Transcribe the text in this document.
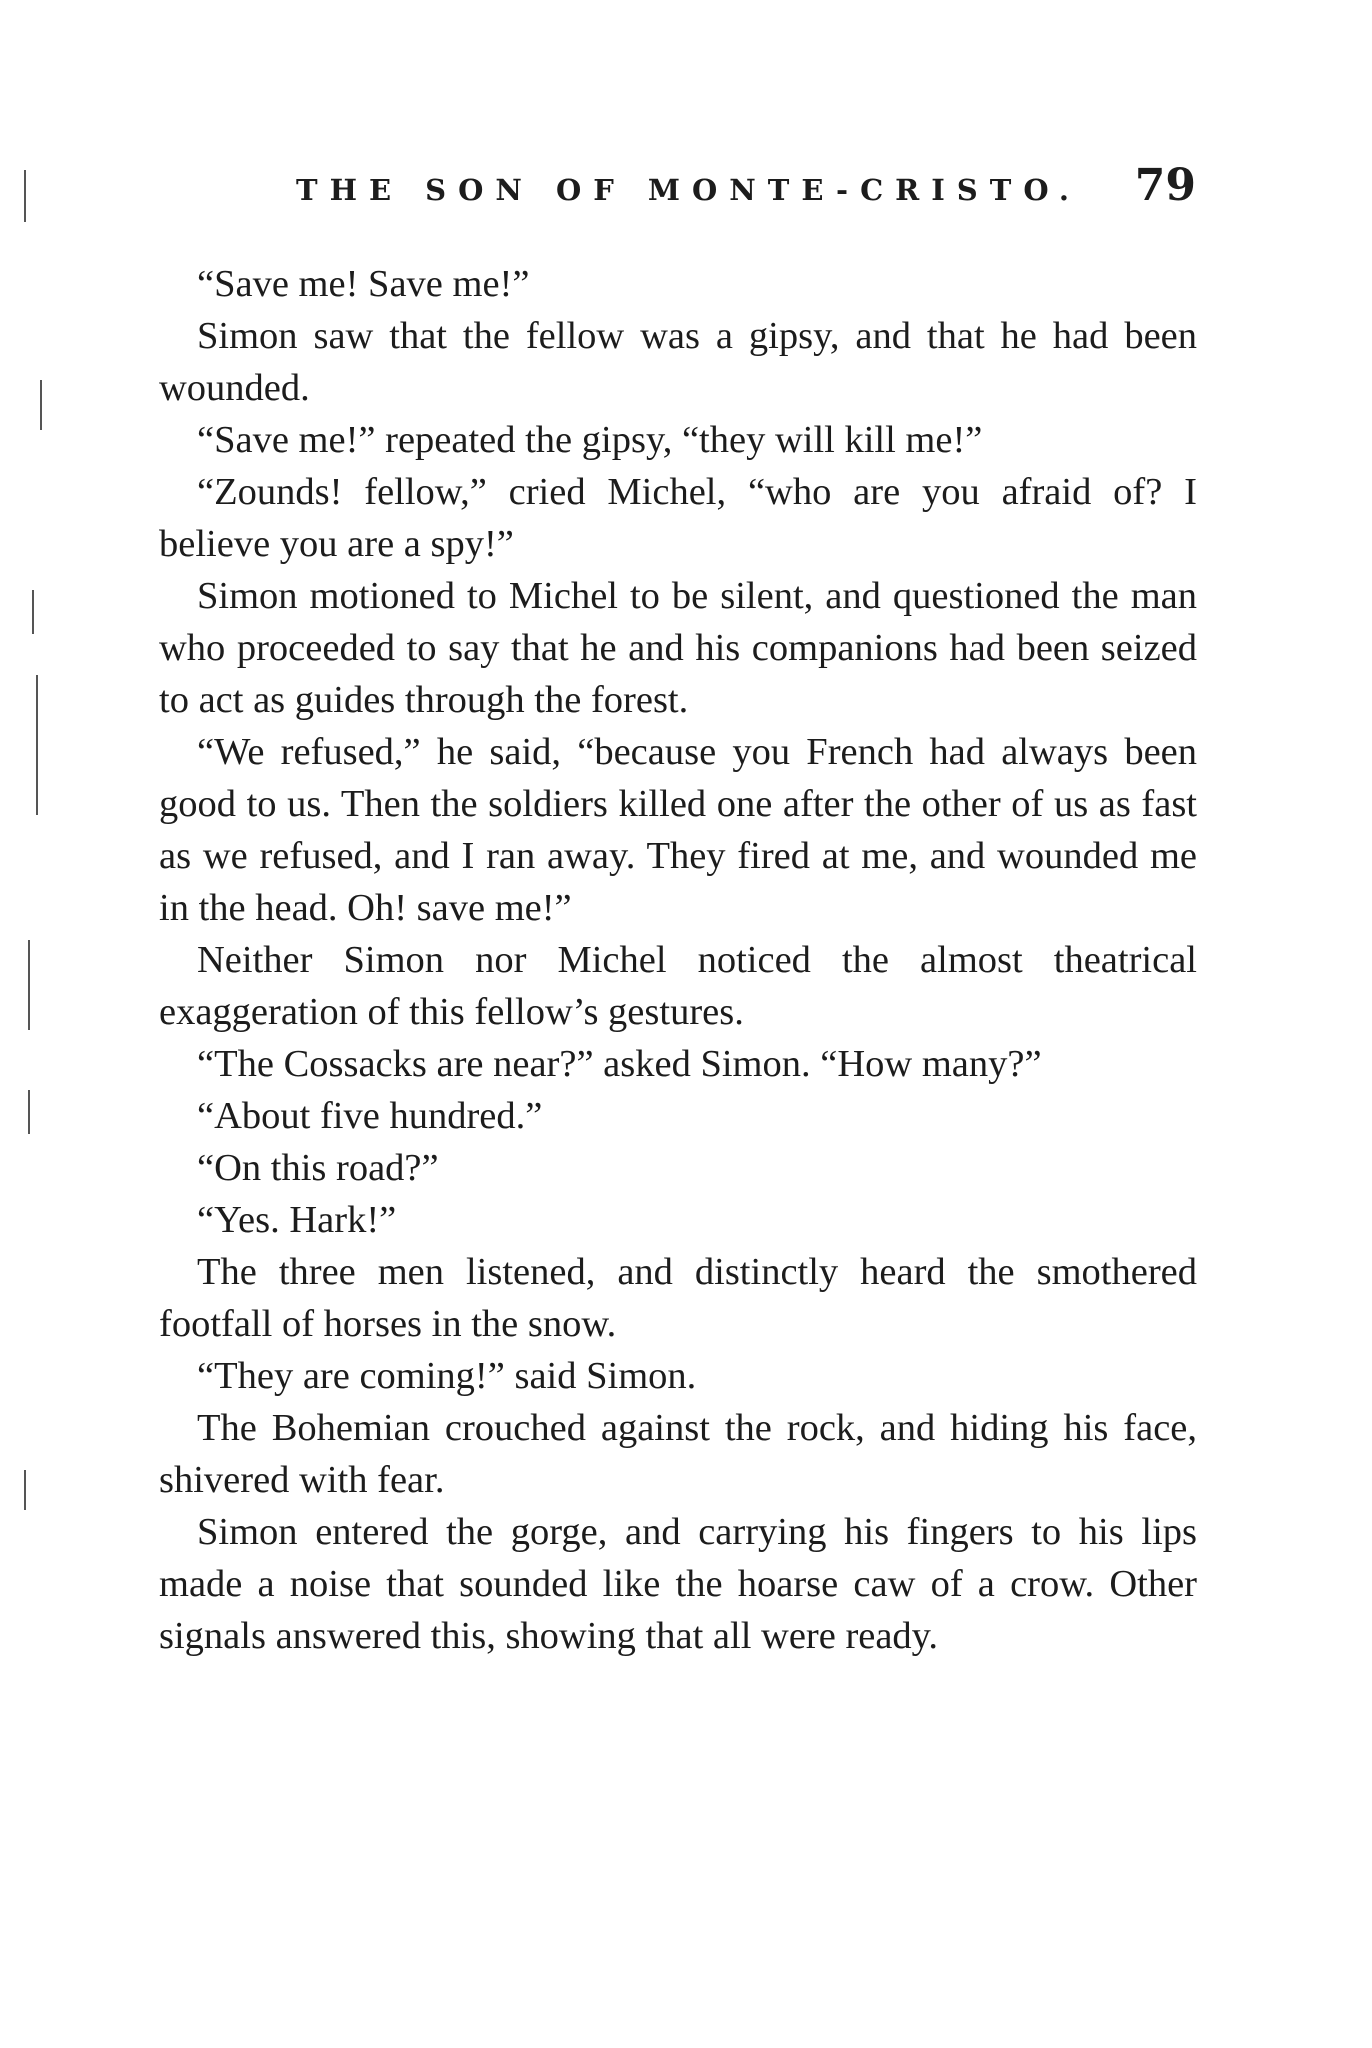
THE SON OF MONTE-CRISTO. 79

“Save me! Save me!”

Simon saw that the fellow was a gipsy, and that he had been wounded.

“Save me!” repeated the gipsy, “they will kill me!”

“Zounds! fellow,” cried Michel, “who are you afraid of? I believe you are a spy!”

Simon motioned to Michel to be silent, and questioned the man who proceeded to say that he and his companions had been seized to act as guides through the forest.

“We refused,” he said, “because you French had always been good to us. Then the soldiers killed one after the other of us as fast as we refused, and I ran away. They fired at me, and wounded me in the head. Oh! save me!”

Neither Simon nor Michel noticed the almost theatrical exaggeration of this fellow’s gestures.

“The Cossacks are near?” asked Simon. “How many?”

“About five hundred.”

“On this road?”

“Yes. Hark!”

The three men listened, and distinctly heard the smothered footfall of horses in the snow.

“They are coming!” said Simon.

The Bohemian crouched against the rock, and hiding his face, shivered with fear.

Simon entered the gorge, and carrying his fingers to his lips made a noise that sounded like the hoarse caw of a crow. Other signals answered this, showing that all were ready.
